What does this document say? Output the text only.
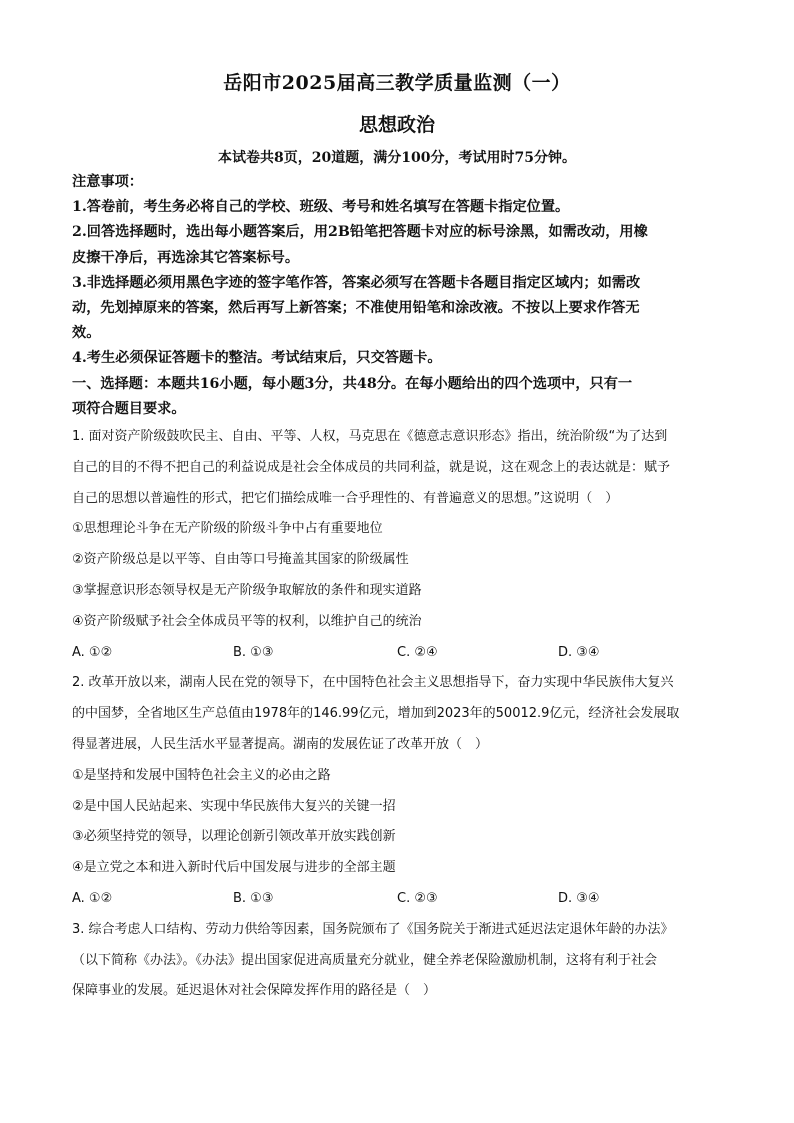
岳阳市2025届高三教学质量监测（一）
思想政治
本试卷共8页，20道题，满分100分，考试用时75分钟。
注意事项：
1.答卷前，考生务必将自己的学校、班级、考号和姓名填写在答题卡指定位置。
2.回答选择题时，选出每小题答案后，用2B铅笔把答题卡对应的标号涂黑，如需改动，用橡
皮擦干净后，再选涂其它答案标号。
3.非选择题必须用黑色字迹的签字笔作答，答案必须写在答题卡各题目指定区域内；如需改
动，先划掉原来的答案，然后再写上新答案；不准使用铅笔和涂改液。不按以上要求作答无
效。
4.考生必须保证答题卡的整洁。考试结束后，只交答题卡。
一、选择题：本题共16小题，每小题3分，共48分。在每小题给出的四个选项中，只有一
项符合题目要求。
1. 面对资产阶级鼓吹民主、自由、平等、人权，马克思在《德意志意识形态》指出，统治阶级“为了达到
自己的目的不得不把自己的利益说成是社会全体成员的共同利益，就是说，这在观念上的表达就是：赋予
自己的思想以普遍性的形式，把它们描绘成唯一合乎理性的、有普遍意义的思想。”这说明（　）
①思想理论斗争在无产阶级的阶级斗争中占有重要地位
②资产阶级总是以平等、自由等口号掩盖其国家的阶级属性
③掌握意识形态领导权是无产阶级争取解放的条件和现实道路
④资产阶级赋予社会全体成员平等的权利，以维护自己的统治
A. ①②	B. ①③	C. ②④	D. ③④
2. 改革开放以来，湖南人民在党的领导下，在中国特色社会主义思想指导下，奋力实现中华民族伟大复兴
的中国梦，全省地区生产总值由1978年的146.99亿元，增加到2023年的50012.9亿元，经济社会发展取
得显著进展，人民生活水平显著提高。湖南的发展佐证了改革开放（　）
①是坚持和发展中国特色社会主义的必由之路
②是中国人民站起来、实现中华民族伟大复兴的关键一招
③必须坚持党的领导，以理论创新引领改革开放实践创新
④是立党之本和进入新时代后中国发展与进步的全部主题
A. ①②	B. ①③	C. ②③	D. ③④
3. 综合考虑人口结构、劳动力供给等因素，国务院颁布了《国务院关于渐进式延迟法定退休年龄的办法》
（以下简称《办法》。《办法》提出国家促进高质量充分就业，健全养老保险激励机制，这将有利于社会
保障事业的发展。延迟退休对社会保障发挥作用的路径是（　）
